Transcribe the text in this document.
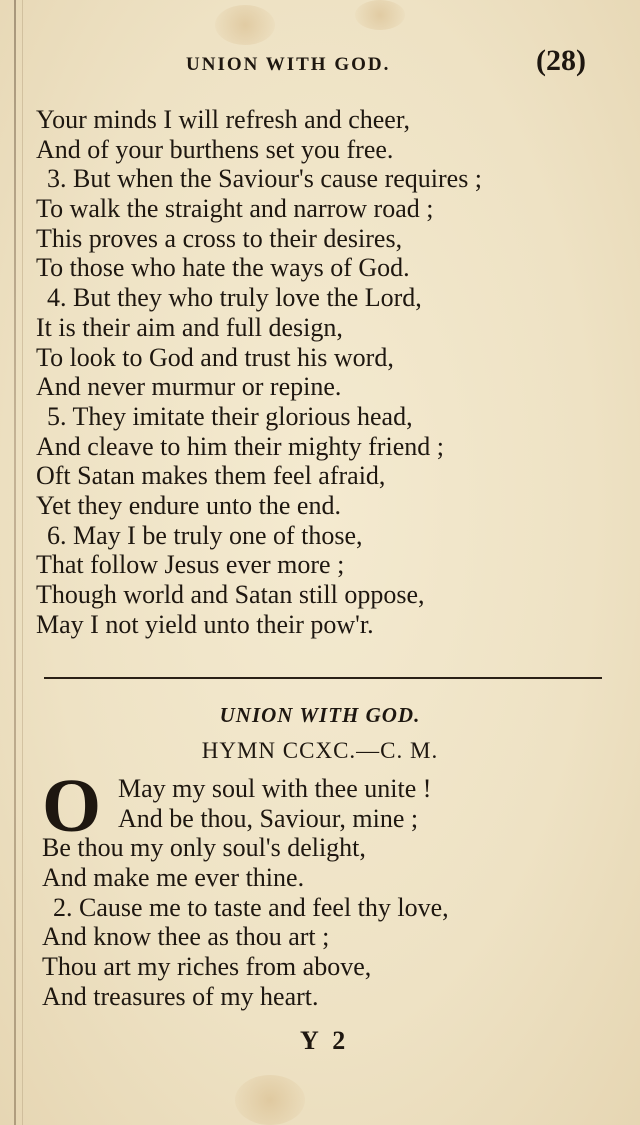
UNION WITH GOD.	(28)
Your minds I will refresh and cheer,
And of your burthens set you free.
3. But when the Saviour's cause requires ;
To walk the straight and narrow road ;
This proves a cross to their desires,
To those who hate the ways of God.
4. But they who truly love the Lord,
It is their aim and full design,
To look to God and trust his word,
And never murmur or repine.
5. They imitate their glorious head,
And cleave to him their mighty friend ;
Oft Satan makes them feel afraid,
Yet they endure unto the end.
6. May I be truly one of those,
That follow Jesus ever more ;
Though world and Satan still oppose,
May I not yield unto their pow'r.
UNION WITH GOD.
HYMN CCXC.—C. M.
O May my soul with thee unite !
And be thou, Saviour, mine ;
Be thou my only soul's delight,
And make me ever thine.
2. Cause me to taste and feel thy love,
And know thee as thou art ;
Thou art my riches from above,
And treasures of my heart.
Y 2
